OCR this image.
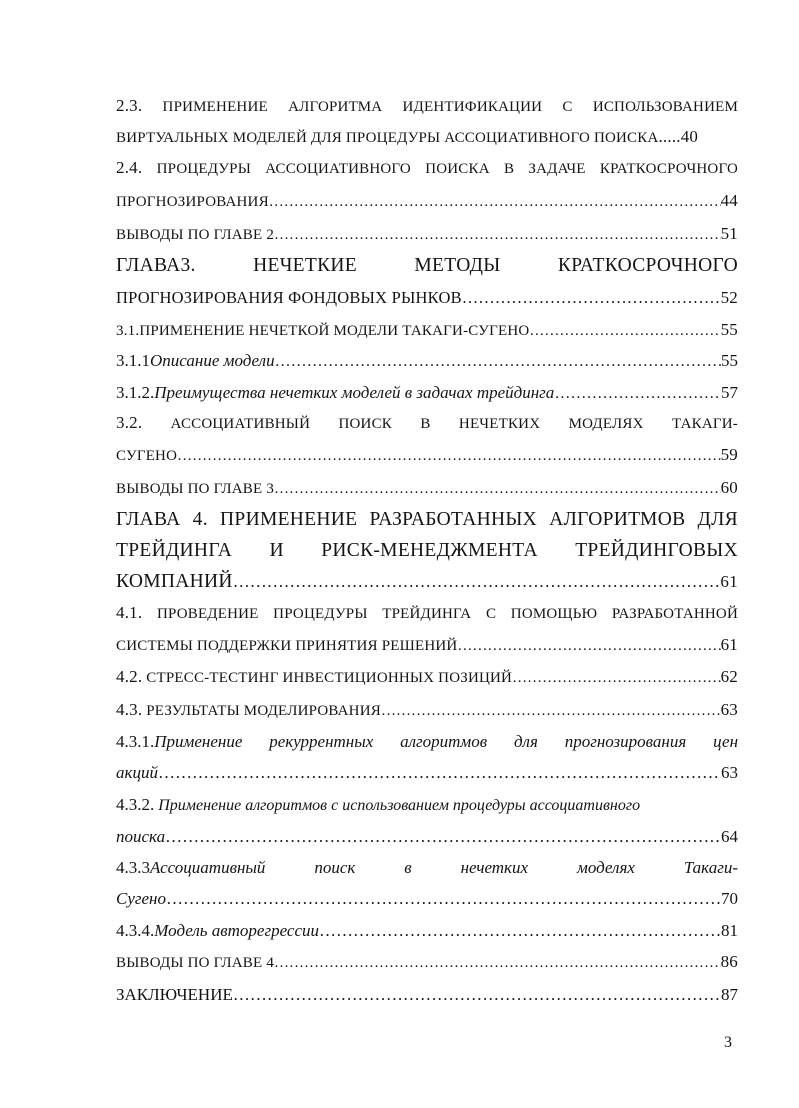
2.3. ПРИМЕНЕНИЕ АЛГОРИТМА ИДЕНТИФИКАЦИИ С ИСПОЛЬЗОВАНИЕМ
ВИРТУАЛЬНЫХ МОДЕЛЕЙ ДЛЯ ПРОЦЕДУРЫ АССОЦИАТИВНОГО ПОИСКА.....40
2.4. ПРОЦЕДУРЫ АССОЦИАТИВНОГО ПОИСКА В ЗАДАЧЕ КРАТКОСРОЧНОГО
ПРОГНОЗИРОВАНИЯ …………………………………………………………………………………………………………………………………………………………………………………………	44
ВЫВОДЫ ПО ГЛАВЕ 2 …………………………………………………………………………………………………………………………………………………………………………………………	51
ГЛАВА3. НЕЧЕТКИЕ МЕТОДЫ КРАТКОСРОЧНОГО
ПРОГНОЗИРОВАНИЯ ФОНДОВЫХ РЫНКОВ …………………………………………………………………………………………………………………………………………………………………………………………	52
3.1.ПРИМЕНЕНИЕ НЕЧЕТКОЙ МОДЕЛИ ТАКАГИ-СУГЕНО …………………………………………………………………………………………………………………………………………………………………………………………	55
3.1.1Описание модели …………………………………………………………………………………………………………………………………………………………………………………………	55
3.1.2.Преимущества нечетких моделей в задачах трейдинга …………………………………………………………………………………………………………………………………………………………………………………………	57
3.2. АССОЦИАТИВНЫЙ ПОИСК В НЕЧЕТКИХ МОДЕЛЯХ ТАКАГИ-
СУГЕНО …………………………………………………………………………………………………………………………………………………………………………………………	59
ВЫВОДЫ ПО ГЛАВЕ 3 …………………………………………………………………………………………………………………………………………………………………………………………	60
ГЛАВА 4. ПРИМЕНЕНИЕ РАЗРАБОТАННЫХ АЛГОРИТМОВ ДЛЯ
ТРЕЙДИНГА И РИСК-МЕНЕДЖМЕНТА ТРЕЙДИНГОВЫХ
КОМПАНИЙ …………………………………………………………………………………………………………………………………………………………………………………………	61
4.1. ПРОВЕДЕНИЕ ПРОЦЕДУРЫ ТРЕЙДИНГА С ПОМОЩЬЮ РАЗРАБОТАННОЙ
СИСТЕМЫ ПОДДЕРЖКИ ПРИНЯТИЯ РЕШЕНИЙ …………………………………………………………………………………………………………………………………………………………………………………………	61
4.2. СТРЕСС-ТЕСТИНГ ИНВЕСТИЦИОННЫХ ПОЗИЦИЙ …………………………………………………………………………………………………………………………………………………………………………………………	62
4.3. РЕЗУЛЬТАТЫ МОДЕЛИРОВАНИЯ …………………………………………………………………………………………………………………………………………………………………………………………	63
4.3.1.Применение рекуррентных алгоритмов для прогнозирования цен
акций …………………………………………………………………………………………………………………………………………………………………………………………	63
4.3.2. Применение алгоритмов с использованием процедуры ассоциативного
поиска …………………………………………………………………………………………………………………………………………………………………………………………	64
4.3.3Ассоциативный поиск в нечетких моделях Такаги-
Сугено …………………………………………………………………………………………………………………………………………………………………………………………	70
4.3.4.Модель авторегрессии …………………………………………………………………………………………………………………………………………………………………………………………	81
ВЫВОДЫ ПО ГЛАВЕ 4 …………………………………………………………………………………………………………………………………………………………………………………………	86
ЗАКЛЮЧЕНИЕ …………………………………………………………………………………………………………………………………………………………………………………………	87
3
